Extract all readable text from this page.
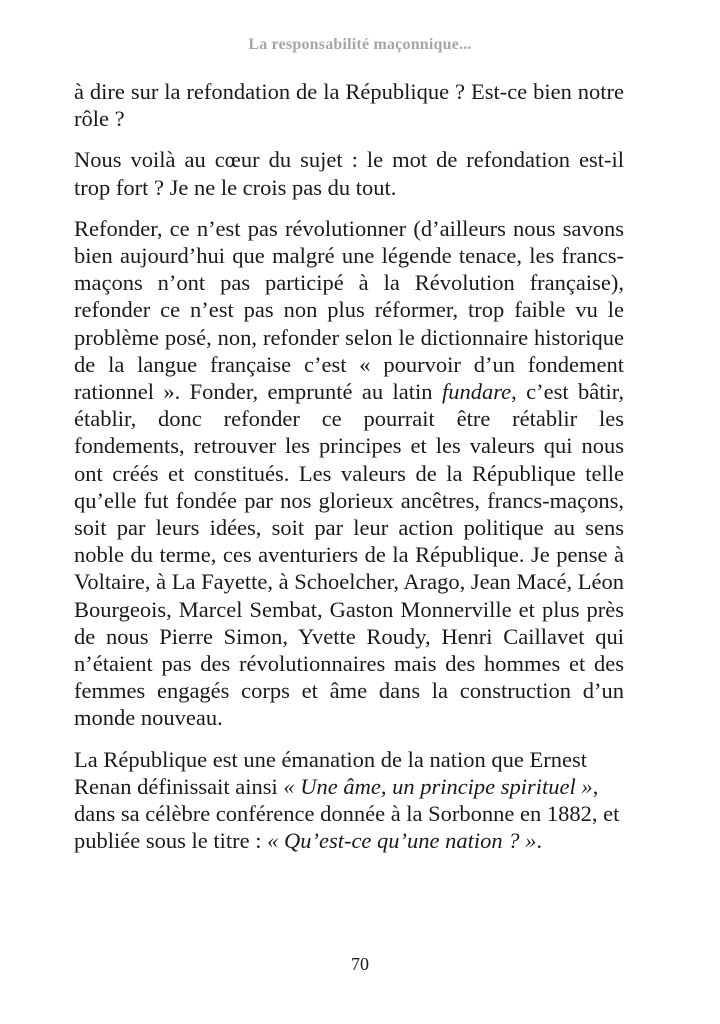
La responsabilité maçonnique...

à dire sur la refondation de la République ? Est-ce bien notre rôle ?

Nous voilà au cœur du sujet : le mot de refondation est-il trop fort ? Je ne le crois pas du tout.

Refonder, ce n’est pas révolutionner (d’ailleurs nous savons bien aujourd’hui que malgré une légende tenace, les francs-maçons n’ont pas participé à la Révolution française), refonder ce n’est pas non plus réformer, trop faible vu le problème posé, non, refonder selon le dictionnaire historique de la langue française c’est « pourvoir d’un fondement rationnel ». Fonder, emprunté au latin fundare, c’est bâtir, établir, donc refonder ce pourrait être rétablir les fondements, retrouver les principes et les valeurs qui nous ont créés et constitués. Les valeurs de la République telle qu’elle fut fondée par nos glorieux ancêtres, francs-maçons, soit par leurs idées, soit par leur action politique au sens noble du terme, ces aventuriers de la République. Je pense à Voltaire, à La Fayette, à Schoelcher, Arago, Jean Macé, Léon Bourgeois, Marcel Sembat, Gaston Monnerville et plus près de nous Pierre Simon, Yvette Roudy, Henri Caillavet qui n’étaient pas des révolutionnaires mais des hommes et des femmes engagés corps et âme dans la construction d’un monde nouveau.

La République est une émanation de la nation que Ernest Renan définissait ainsi « Une âme, un principe spirituel », dans sa célèbre conférence donnée à la Sorbonne en 1882, et publiée sous le titre : « Qu’est-ce qu’une nation ? ».

70
